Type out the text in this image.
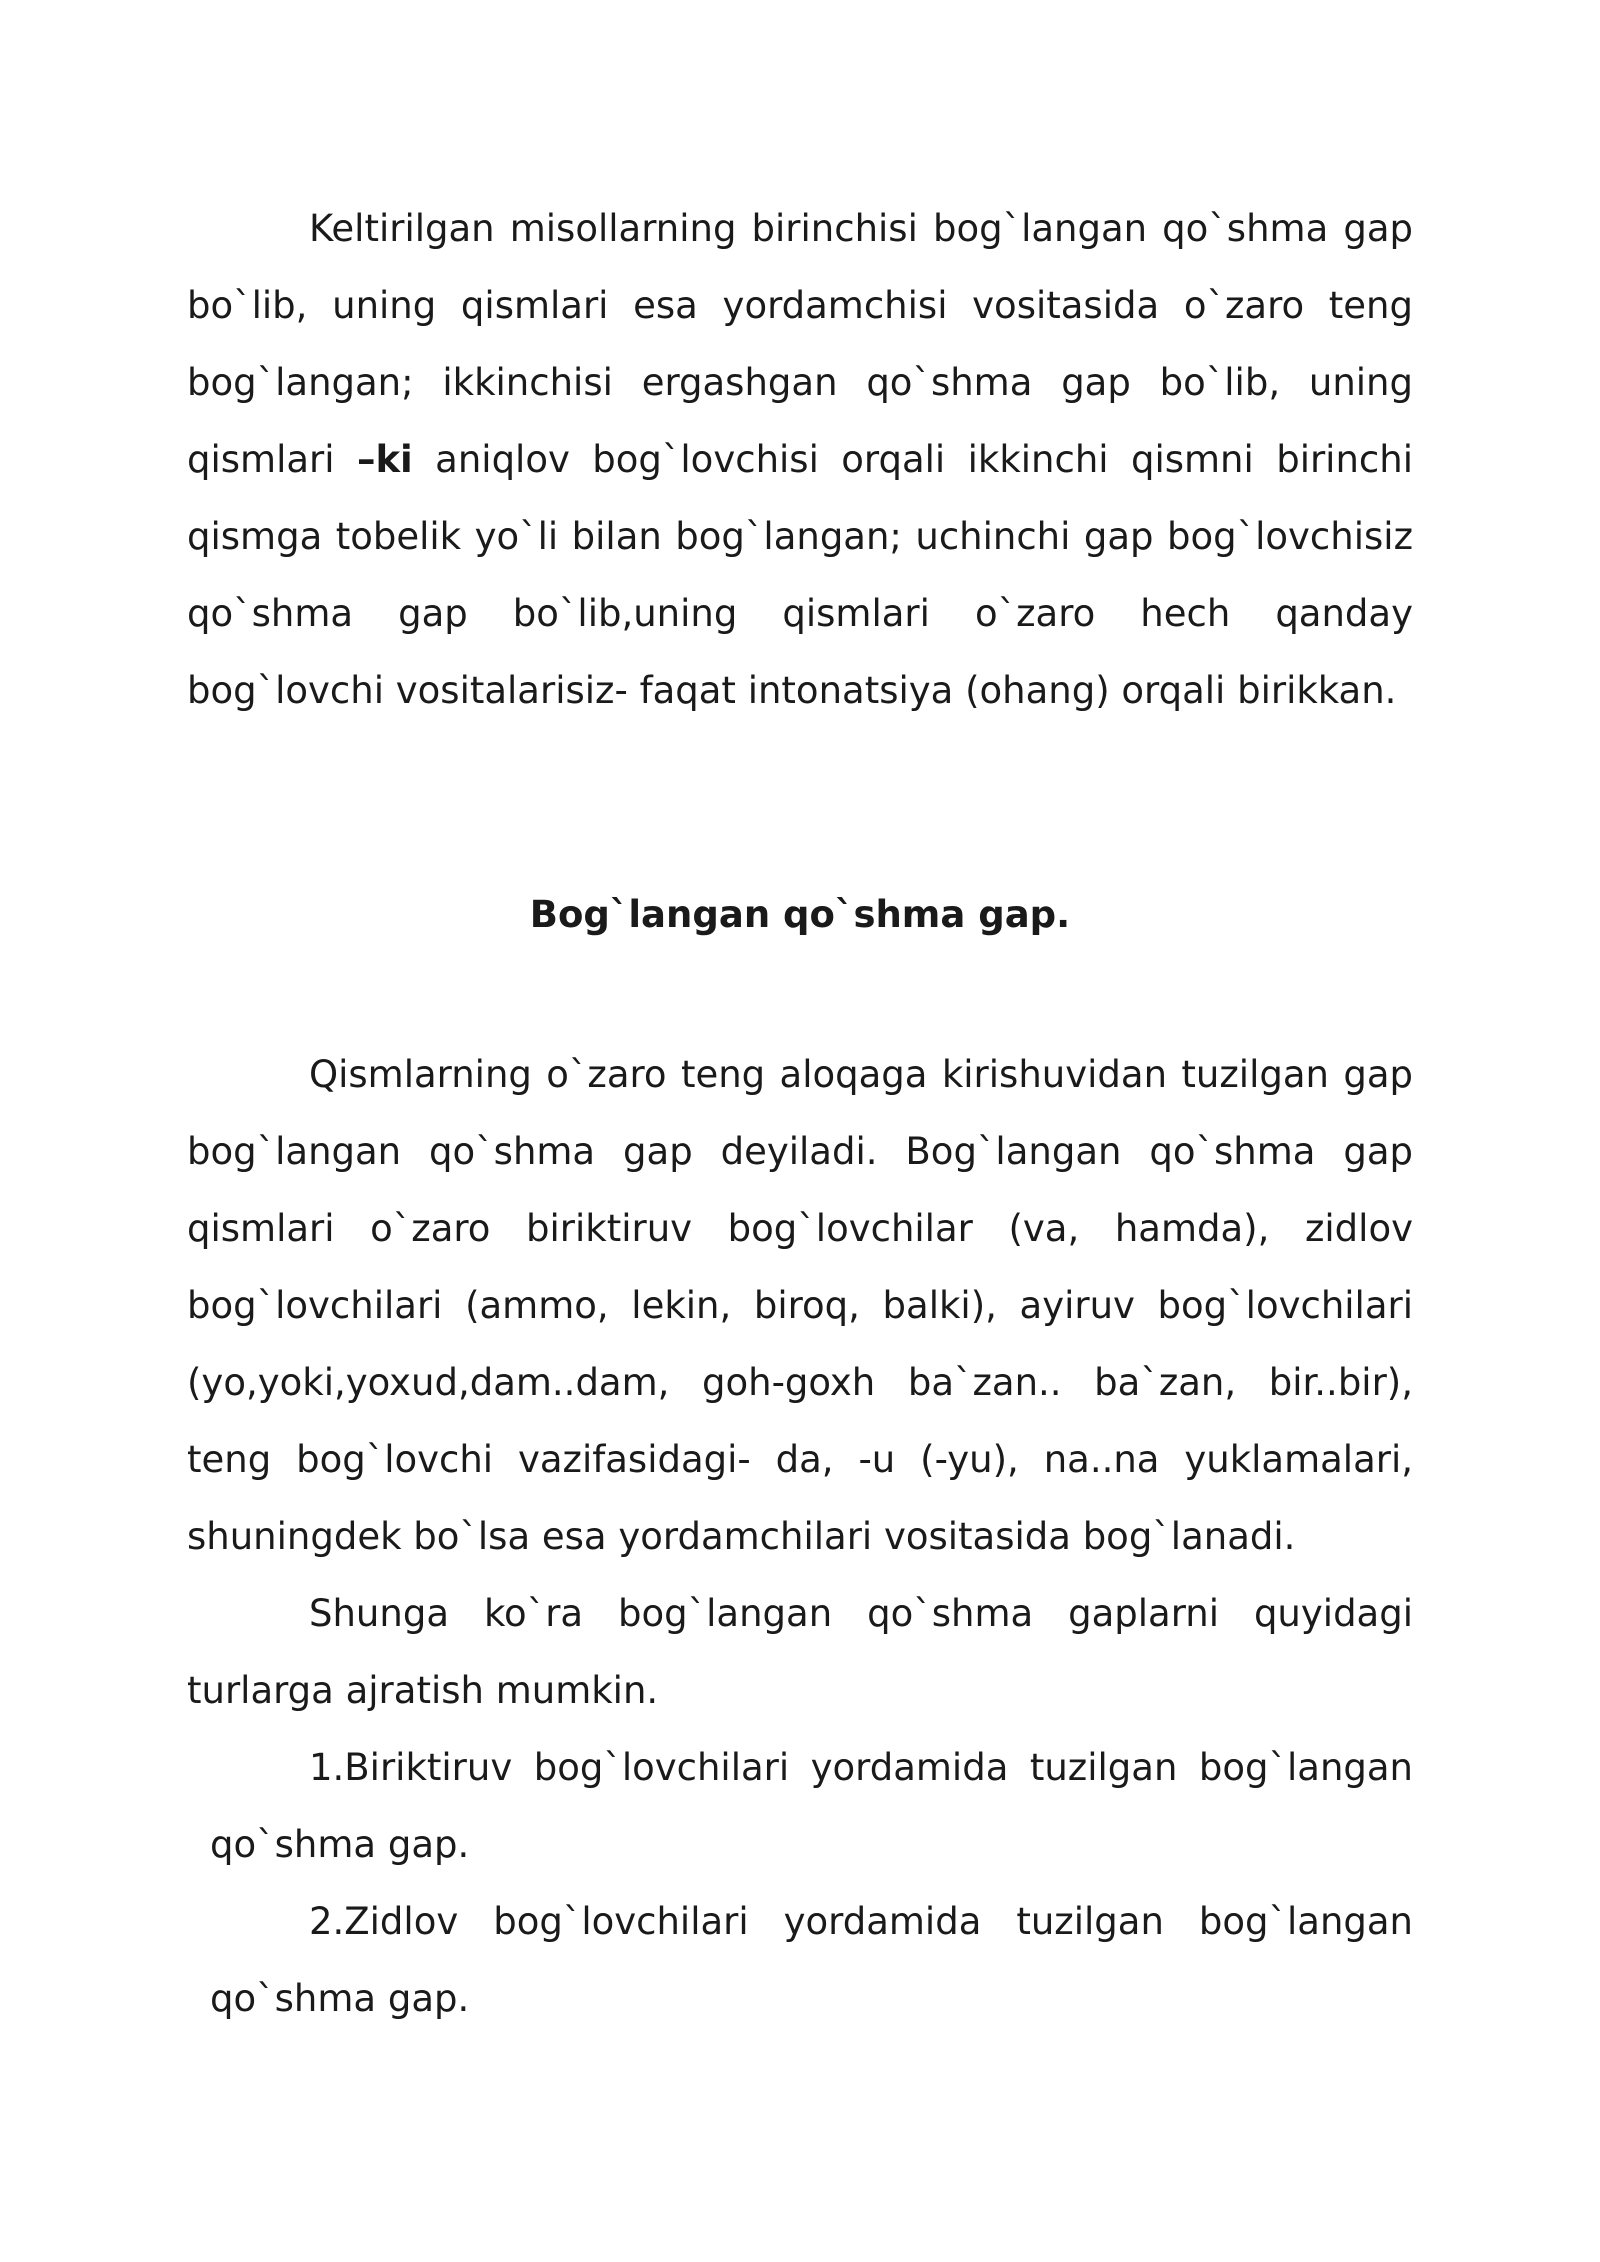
Keltirilgan misollarning birinchisi bog`langan qo`shma gap bo`lib, uning qismlari esa yordamchisi vositasida o`zaro teng bog`langan; ikkinchisi ergashgan qo`shma gap bo`lib, uning qismlari –ki aniqlov bog`lovchisi orqali ikkinchi qismni birinchi qismga tobelik yo`li bilan bog`langan; uchinchi gap bog`lovchisiz qo`shma gap bo`lib,uning qismlari o`zaro hech qanday bog`lovchi vositalarisiz- faqat intonatsiya (ohang) orqali birikkan.

Bog`langan qo`shma gap.

Qismlarning o`zaro teng aloqaga kirishuvidan tuzilgan gap bog`langan qo`shma gap deyiladi. Bog`langan qo`shma gap qismlari o`zaro biriktiruv bog`lovchilar (va, hamda), zidlov bog`lovchilari (ammo, lekin, biroq, balki), ayiruv bog`lovchilari (yo,yoki,yoxud,dam..dam, goh-goxh ba`zan.. ba`zan, bir..bir), teng bog`lovchi vazifasidagi- da, -u (-yu), na..na yuklamalari, shuningdek bo`lsa esa yordamchilari vositasida bog`lanadi.

Shunga ko`ra bog`langan qo`shma gaplarni quyidagi turlarga ajratish mumkin.

1.Biriktiruv bog`lovchilari yordamida tuzilgan bog`langan qo`shma gap.

2.Zidlov bog`lovchilari yordamida tuzilgan bog`langan qo`shma gap.
